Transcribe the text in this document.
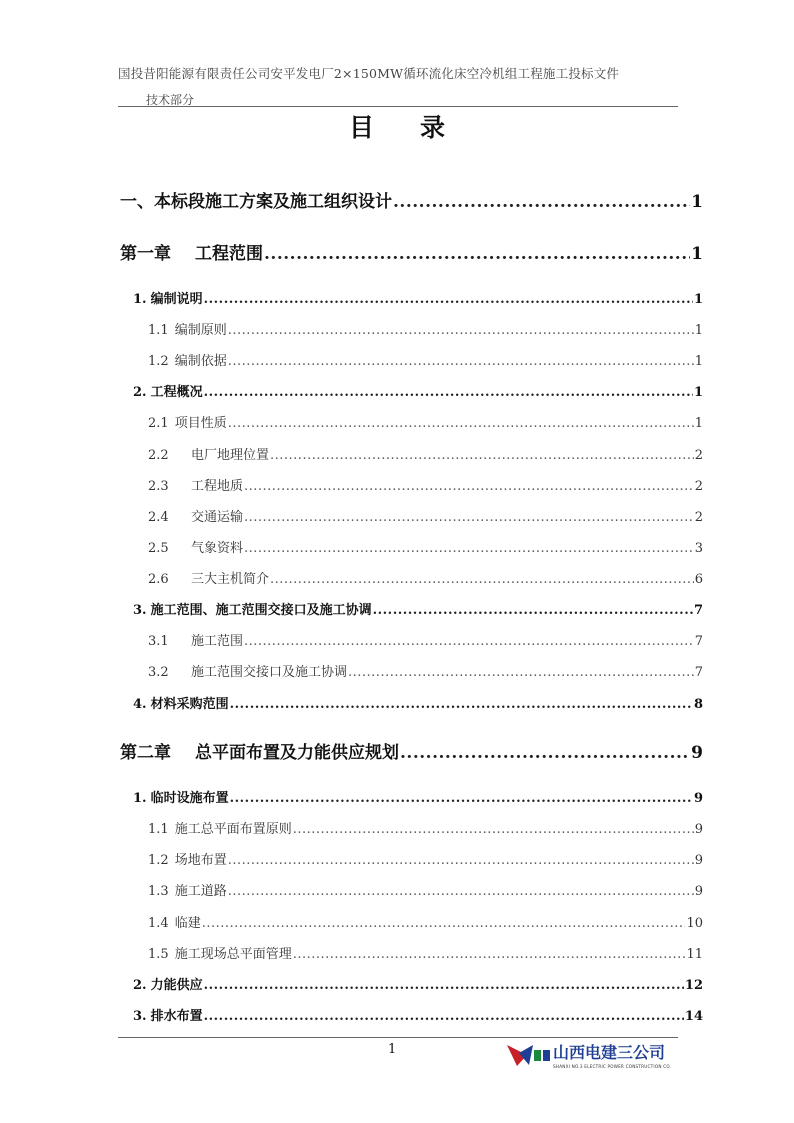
国投昔阳能源有限责任公司安平发电厂2×150MW循环流化床空冷机组工程施工投标文件
技术部分
目录
一、本标段施工方案及施工组织设计 .....	1
第一章 工程范围 .....	1
1. 编制说明 .....	1
1.1 编制原则 .....	1
1.2 编制依据 .....	1
2. 工程概况 .....	1
2.1 项目性质 .....	1
2.2 电厂地理位置 .....	2
2.3 工程地质 .....	2
2.4 交通运输 .....	2
2.5 气象资料 .....	3
2.6 三大主机简介 .....	6
3. 施工范围、施工范围交接口及施工协调 .....	7
3.1 施工范围 .....	7
3.2 施工范围交接口及施工协调 .....	7
4. 材料采购范围 .....	8
第二章 总平面布置及力能供应规划 .....	9
1. 临时设施布置 .....	9
1.1 施工总平面布置原则 .....	9
1.2 场地布置 .....	9
1.3 施工道路 .....	9
1.4 临建 .....	10
1.5 施工现场总平面管理 .....	11
2. 力能供应 .....	12
3. 排水布置 .....	14
1	山西电建三公司
SHANXI NO.3 ELECTRIC POWER CONSTRUCTION CO.
